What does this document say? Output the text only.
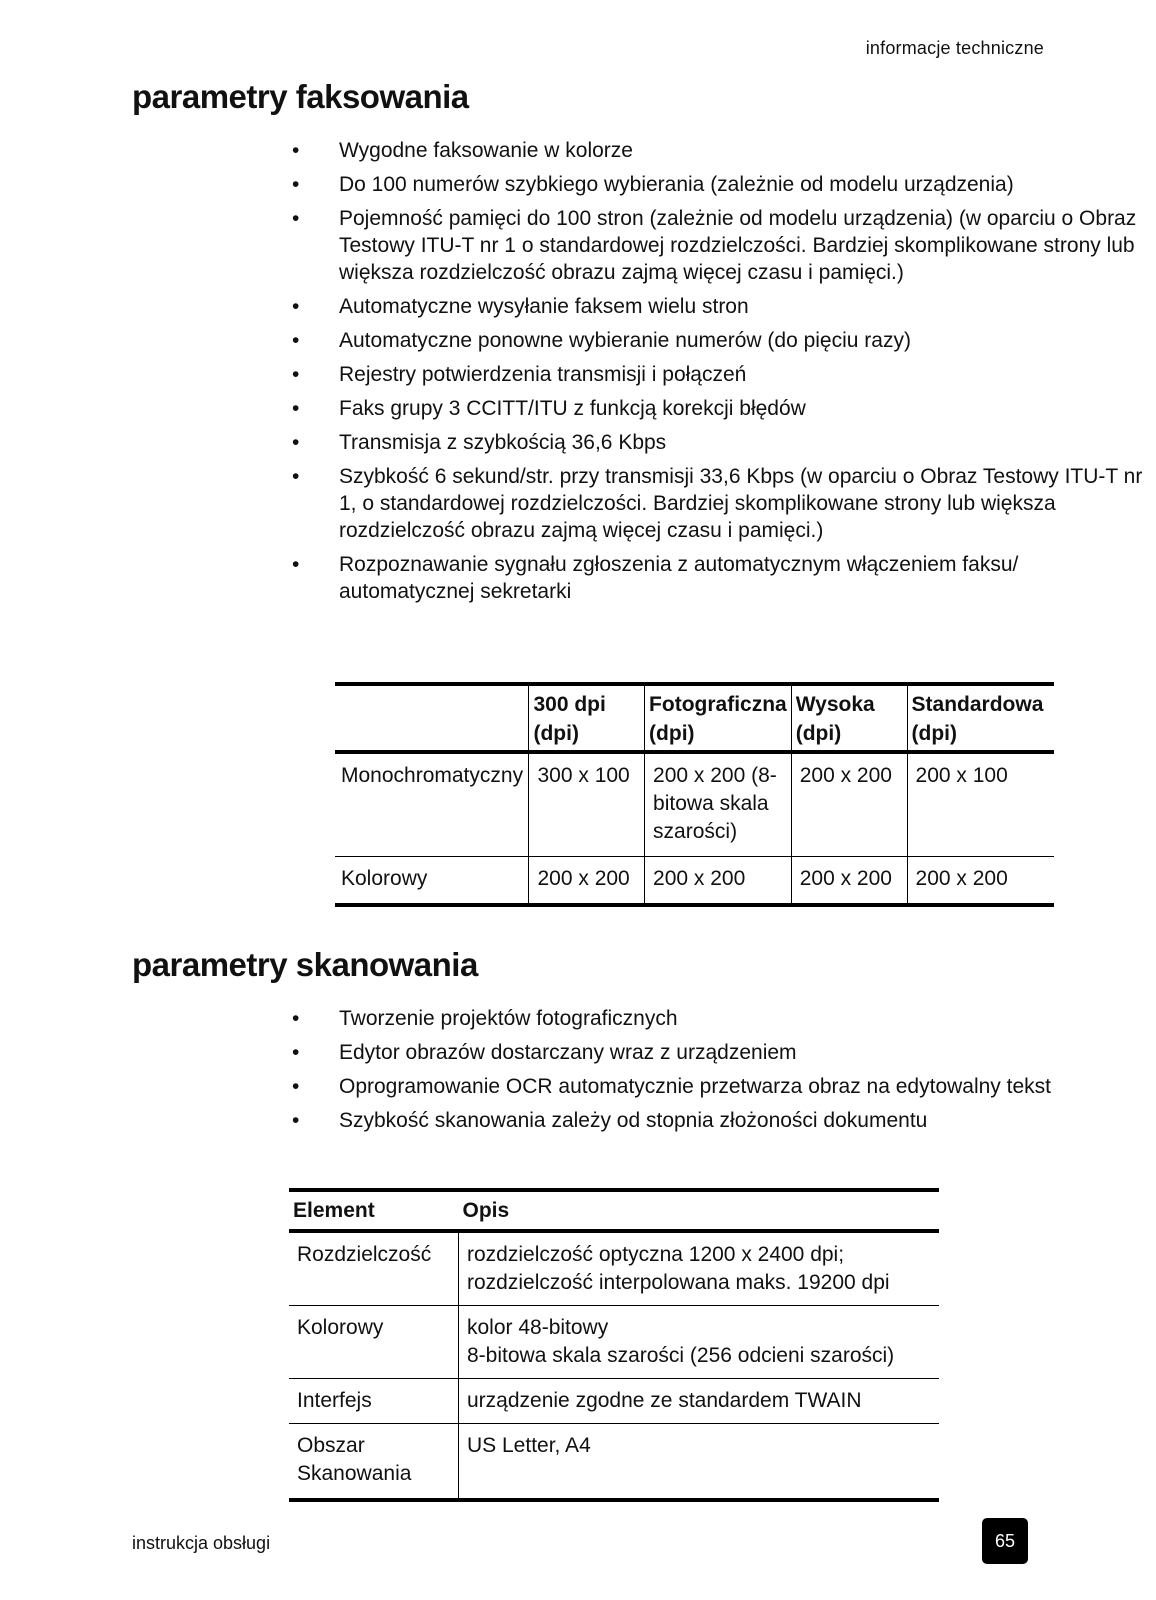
informacje techniczne
parametry faksowania
• Wygodne faksowanie w kolorze
• Do 100 numerów szybkiego wybierania (zależnie od modelu urządzenia)
• Pojemność pamięci do 100 stron (zależnie od modelu urządzenia) (w oparciu o Obraz Testowy ITU-T nr 1 o standardowej rozdzielczości. Bardziej skomplikowane strony lub większa rozdzielczość obrazu zajmą więcej czasu i pamięci.)
• Automatyczne wysyłanie faksem wielu stron
• Automatyczne ponowne wybieranie numerów (do pięciu razy)
• Rejestry potwierdzenia transmisji i połączeń
• Faks grupy 3 CCITT/ITU z funkcją korekcji błędów
• Transmisja z szybkością 36,6 Kbps
• Szybkość 6 sekund/str. przy transmisji 33,6 Kbps (w oparciu o Obraz Testowy ITU-T nr 1, o standardowej rozdzielczości. Bardziej skomplikowane strony lub większa rozdzielczość obrazu zajmą więcej czasu i pamięci.)
• Rozpoznawanie sygnału zgłoszenia z automatycznym włączeniem faksu/ automatycznej sekretarki
	300 dpi (dpi)	Fotograficzna (dpi)	Wysoka (dpi)	Standardowa (dpi)
Monochromatyczny	300 x 100	200 x 200 (8-bitowa skala szarości)	200 x 200	200 x 100
Kolorowy	200 x 200	200 x 200	200 x 200	200 x 200
parametry skanowania
• Tworzenie projektów fotograficznych
• Edytor obrazów dostarczany wraz z urządzeniem
• Oprogramowanie OCR automatycznie przetwarza obraz na edytowalny tekst
• Szybkość skanowania zależy od stopnia złożoności dokumentu
Element	Opis
Rozdzielczość	rozdzielczość optyczna 1200 x 2400 dpi;
rozdzielczość interpolowana maks. 19200 dpi

Kolorowy	kolor 48-bitowy
8-bitowa skala szarości (256 odcieni szarości)

Interfejs	urządzenie zgodne ze standardem TWAIN

Obszar Skanowania	US Letter, A4
instrukcja obsługi	65
